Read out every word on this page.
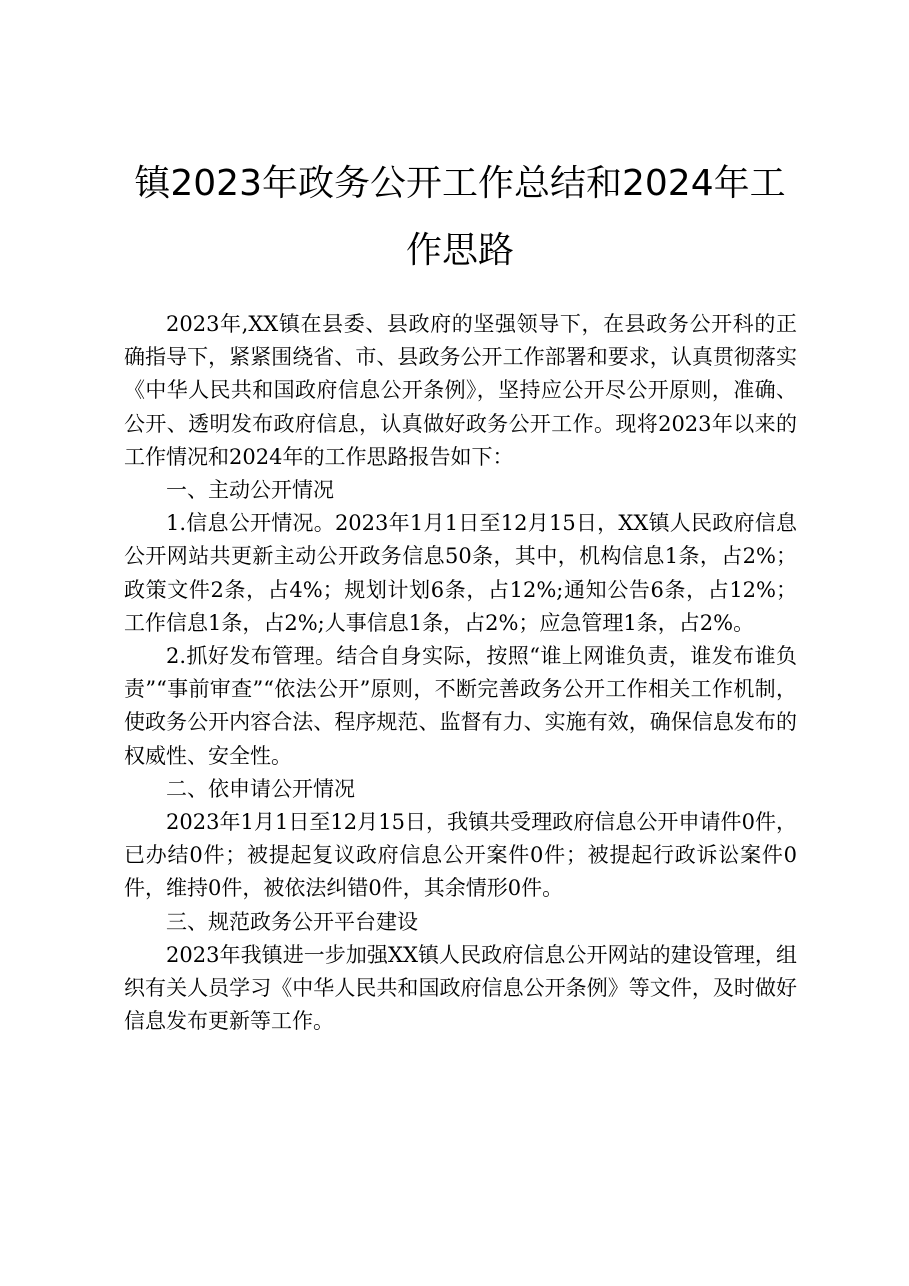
镇2023年政务公开工作总结和2024年工作思路

2023年,XX镇在县委、县政府的坚强领导下，在县政务公开科的正确指导下，紧紧围绕省、市、县政务公开工作部署和要求，认真贯彻落实《中华人民共和国政府信息公开条例》，坚持应公开尽公开原则，准确、公开、透明发布政府信息，认真做好政务公开工作。现将2023年以来的工作情况和2024年的工作思路报告如下：

一、主动公开情况

1.信息公开情况。2023年1月1日至12月15日，XX镇人民政府信息公开网站共更新主动公开政务信息50条，其中，机构信息1条，占2%；政策文件2条，占4%；规划计划6条，占12%;通知公告6条，占12%；工作信息1条，占2%;人事信息1条，占2%；应急管理1条，占2%。

2.抓好发布管理。结合自身实际，按照“谁上网谁负责，谁发布谁负责”“事前审查”“依法公开”原则，不断完善政务公开工作相关工作机制，使政务公开内容合法、程序规范、监督有力、实施有效，确保信息发布的权威性、安全性。

二、依申请公开情况

2023年1月1日至12月15日，我镇共受理政府信息公开申请件0件，已办结0件；被提起复议政府信息公开案件0件；被提起行政诉讼案件0件，维持0件，被依法纠错0件，其余情形0件。

三、规范政务公开平台建设

2023年我镇进一步加强XX镇人民政府信息公开网站的建设管理，组织有关人员学习《中华人民共和国政府信息公开条例》等文件，及时做好信息发布更新等工作。
